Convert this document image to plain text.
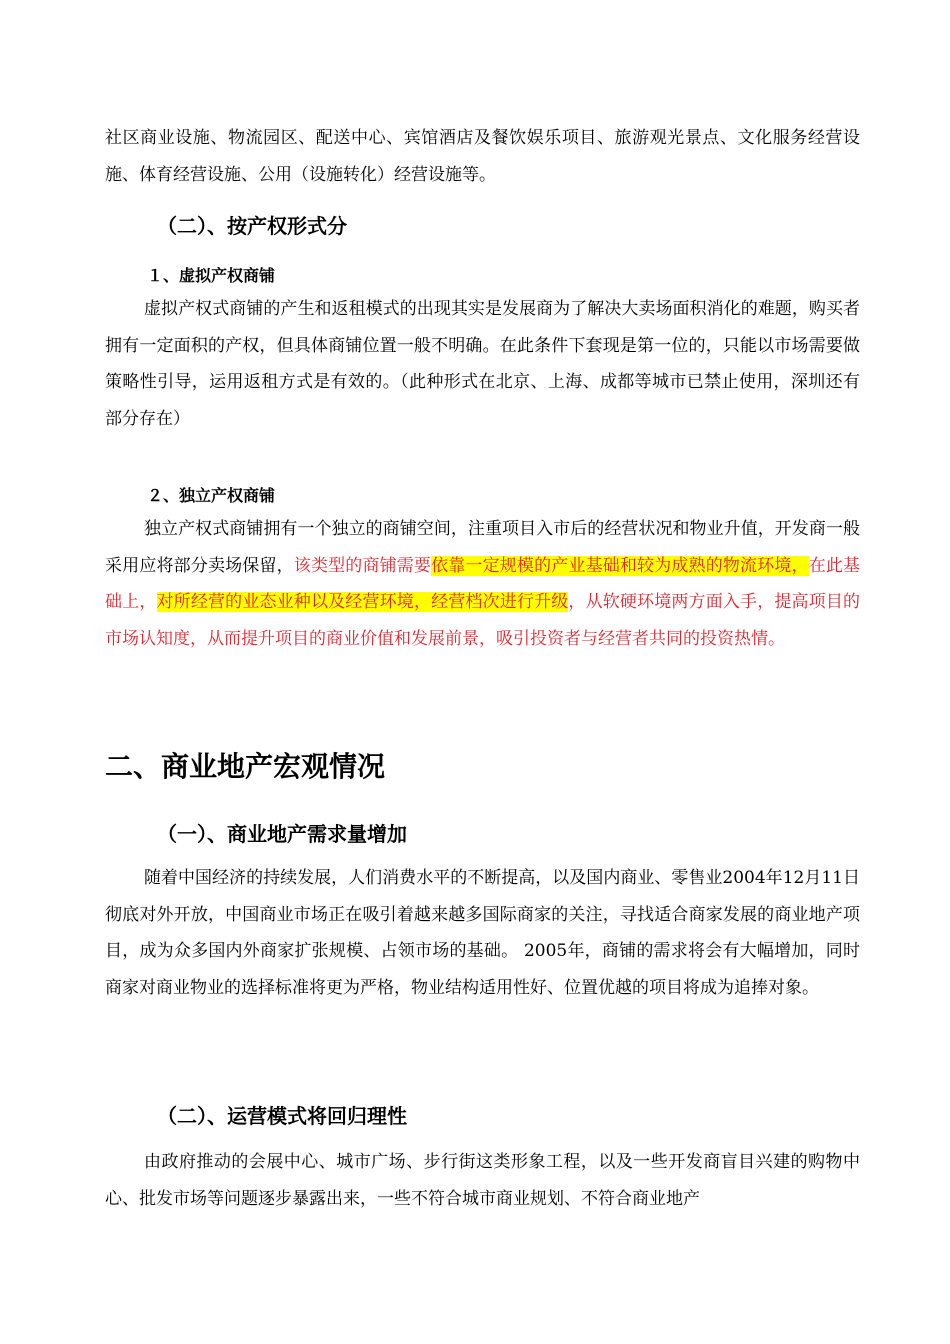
社区商业设施、物流园区、配送中心、宾馆酒店及餐饮娱乐项目、旅游观光景点、文化服务经营设施、体育经营设施、公用（设施转化）经营设施等。

（二）、按产权形式分
１、虚拟产权商铺

虚拟产权式商铺的产生和返租模式的出现其实是发展商为了解决大卖场面积消化的难题，购买者拥有一定面积的产权，但具体商铺位置一般不明确。在此条件下套现是第一位的，只能以市场需要做策略性引导，运用返租方式是有效的。（此种形式在北京、上海、成都等城市已禁止使用，深圳还有部分存在）

２、独立产权商铺

独立产权式商铺拥有一个独立的商铺空间，注重项目入市后的经营状况和物业升值，开发商一般采用应将部分卖场保留，该类型的商铺需要依靠一定规模的产业基础和较为成熟的物流环境，在此基础上，对所经营的业态业种以及经营环境，经营档次进行升级，从软硬环境两方面入手，提高项目的市场认知度，从而提升项目的商业价值和发展前景，吸引投资者与经营者共同的投资热情。

二、商业地产宏观情况
（一）、商业地产需求量增加

随着中国经济的持续发展，人们消费水平的不断提高，以及国内商业、零售业2004年12月11日彻底对外开放，中国商业市场正在吸引着越来越多国际商家的关注，寻找适合商家发展的商业地产项目，成为众多国内外商家扩张规模、占领市场的基础。 2005年，商铺的需求将会有大幅增加，同时商家对商业物业的选择标准将更为严格，物业结构适用性好、位置优越的项目将成为追捧对象。

（二）、运营模式将回归理性

由政府推动的会展中心、城市广场、步行街这类形象工程，以及一些开发商盲目兴建的购物中心、批发市场等问题逐步暴露出来，一些不符合城市商业规划、不符合商业地产
